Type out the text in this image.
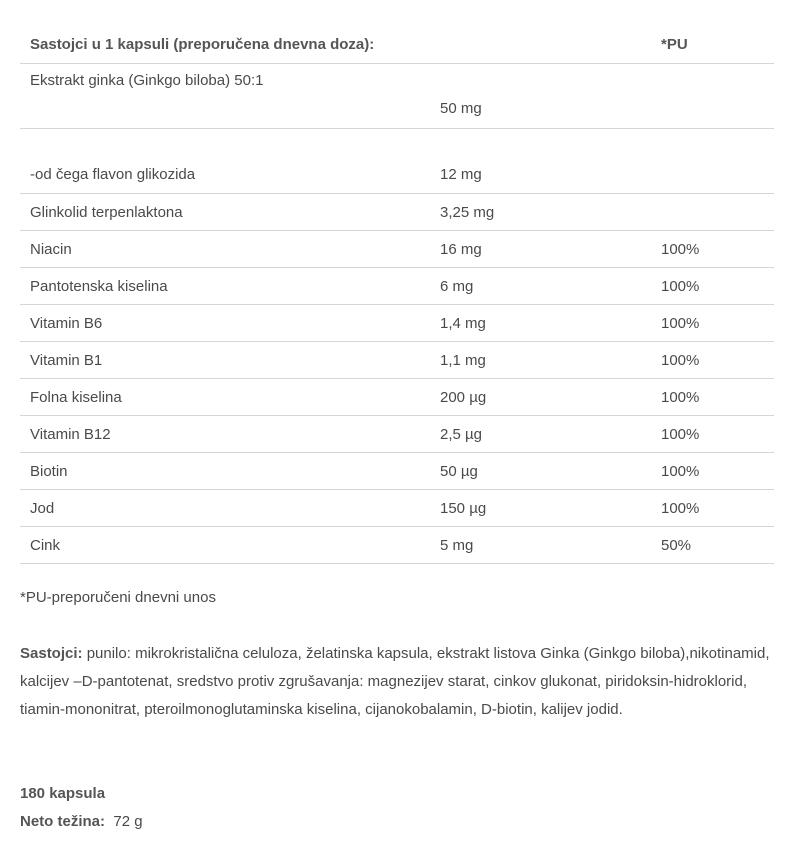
Sastojci u 1 kapsuli (preporučena dnevna doza):	*PU
Ekstrakt ginka (Ginkgo biloba) 50:1
50 mg
-od čega flavon glikozida	12 mg
Glinkolid terpenlaktona	3,25 mg
Niacin	16 mg	100%
Pantotenska kiselina	6 mg	100%
Vitamin B6	1,4 mg	100%
Vitamin B1	1,1 mg	100%
Folna kiselina	200 µg	100%
Vitamin B12	2,5 µg	100%
Biotin	50 µg	100%
Jod	150 µg	100%
Cink	5 mg	50%
*PU-preporučeni dnevni unos
Sastojci: punilo: mikrokristalična celuloza, želatinska kapsula, ekstrakt listova Ginka (Ginkgo biloba),nikotinamid, kalcijev –D-pantotenat, sredstvo protiv zgrušavanja: magnezijev starat, cinkov glukonat, piridoksin-hidroklorid, tiamin-mononitrat, pteroilmonoglutaminska kiselina, cijanokobalamin, D-biotin, kalijev jodid.
180 kapsula
Neto težina:  72 g
